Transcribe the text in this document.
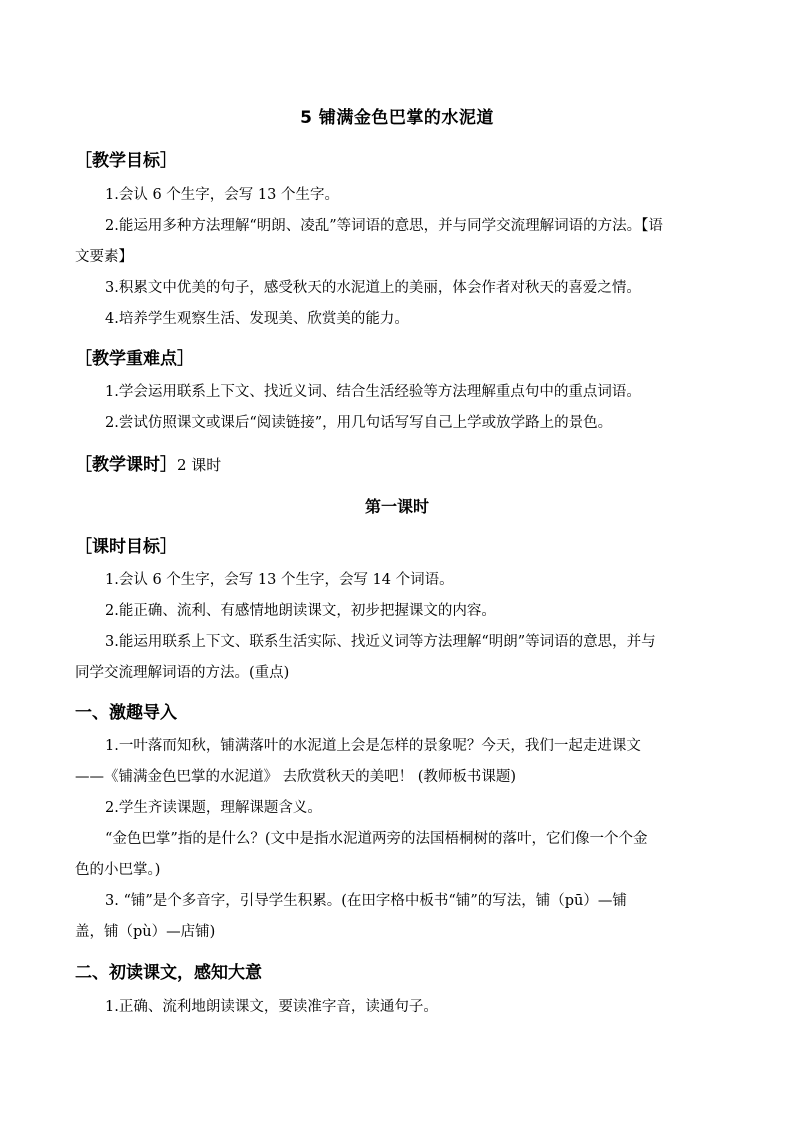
5 铺满金色巴掌的水泥道
［教学目标］
1.会认 6 个生字，会写 13 个生字。
2.能运用多种方法理解“明朗、凌乱”等词语的意思，并与同学交流理解词语的方法。【语
文要素】
3.积累文中优美的句子，感受秋天的水泥道上的美丽，体会作者对秋天的喜爱之情。
4.培养学生观察生活、发现美、欣赏美的能力。
［教学重难点］
1.学会运用联系上下文、找近义词、结合生活经验等方法理解重点句中的重点词语。
2.尝试仿照课文或课后“阅读链接”，用几句话写写自己上学或放学路上的景色。
［教学课时］2 课时
第一课时
［课时目标］
1.会认 6 个生字，会写 13 个生字，会写 14 个词语。
2.能正确、流利、有感情地朗读课文，初步把握课文的内容。
3.能运用联系上下文、联系生活实际、找近义词等方法理解“明朗”等词语的意思，并与
同学交流理解词语的方法。(重点)
一、激趣导入
1.一叶落而知秋，铺满落叶的水泥道上会是怎样的景象呢？今天，我们一起走进课文
——《铺满金色巴掌的水泥道》 去欣赏秋天的美吧！ (教师板书课题)
2.学生齐读课题，理解课题含义。
“金色巴掌”指的是什么？(文中是指水泥道两旁的法国梧桐树的落叶，它们像一个个金
色的小巴掌。)
3. “铺”是个多音字，引导学生积累。(在田字格中板书“铺”的写法，铺（pū）—铺
盖，铺（pù）—店铺)
二、初读课文，感知大意
1.正确、流利地朗读课文，要读准字音，读通句子。
